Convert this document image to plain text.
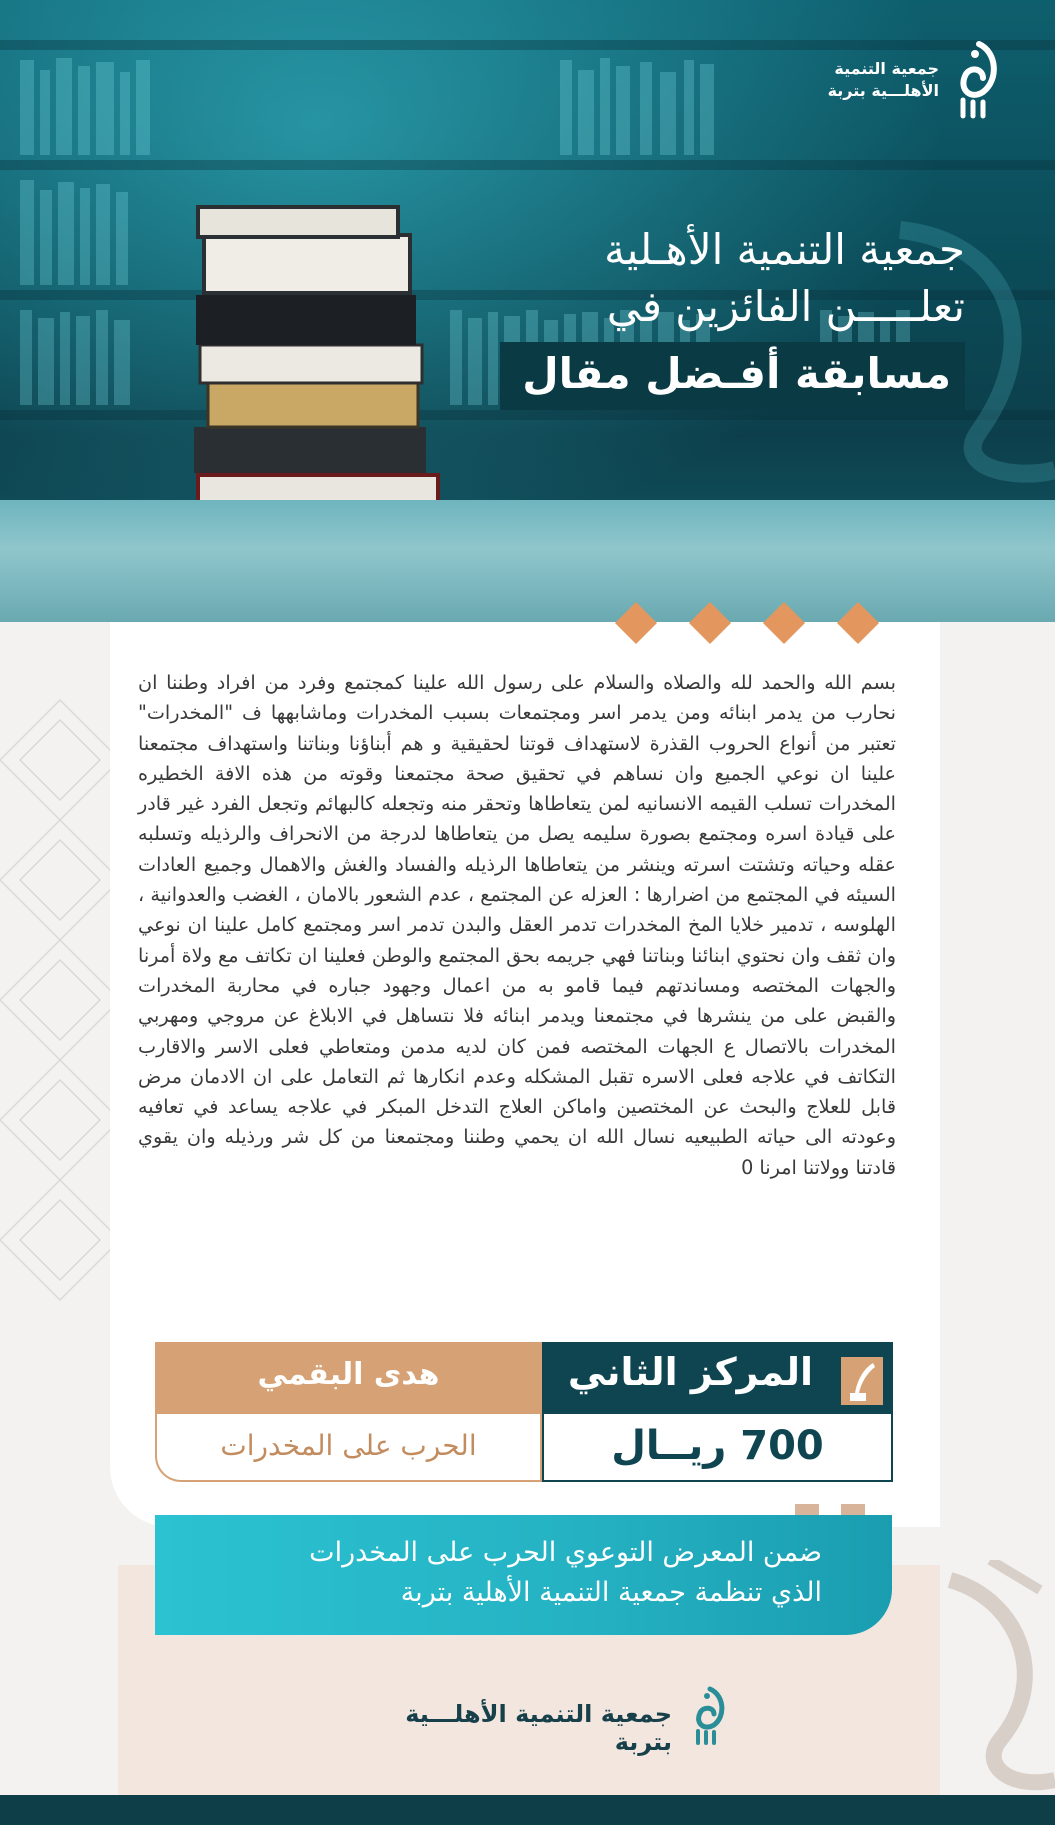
جمعية التنمية
الأهلـــية بتربة
جمعية التنمية الأهـلية
تعلـــــن الفائزين في
مسابقة أفـضل مقال
بسم الله والحمد لله والصلاه والسلام على رسول الله علينا كمجتمع وفرد من افراد وطننا ان نحارب من يدمر ابنائه ومن يدمر اسر ومجتمعات بسبب المخدرات وماشابهها ف "المخدرات" تعتبر من أنواع الحروب القذرة لاستهداف قوتنا لحقيقية و هم أبناؤنا وبناتنا واستهداف مجتمعنا علينا ان نوعي الجميع وان نساهم في تحقيق صحة مجتمعنا وقوته من هذه الافة الخطيره المخدرات تسلب القيمه الانسانيه لمن يتعاطاها وتحقر منه وتجعله كالبهائم وتجعل الفرد غير قادر على قيادة اسره ومجتمع بصورة سليمه يصل من يتعاطاها لدرجة من الانحراف والرذيله وتسلبه عقله وحياته وتشتت اسرته وينشر من يتعاطاها الرذيله والفساد والغش والاهمال وجميع العادات السيئه في المجتمع من اضرارها : العزله عن المجتمع ، عدم الشعور بالامان ، الغضب والعدوانية ، الهلوسه ، تدمير خلايا المخ المخدرات تدمر العقل والبدن تدمر اسر ومجتمع كامل علينا ان نوعي وان ثقف وان نحتوي ابنائنا وبناتنا فهي جريمه بحق المجتمع والوطن فعلينا ان تكاتف مع ولاة أمرنا والجهات المختصه ومساندتهم فيما قامو به من اعمال وجهود جباره في محاربة المخدرات والقبض على من ينشرها في مجتمعنا ويدمر ابنائه فلا نتساهل في الابلاغ عن مروجي ومهربي المخدرات بالاتصال ع الجهات المختصه فمن كان لديه مدمن ومتعاطي فعلى الاسر والاقارب التكاتف في علاجه فعلى الاسره تقبل المشكله وعدم انكارها ثم التعامل على ان الادمان مرض قابل للعلاج والبحث عن المختصين واماكن العلاج التدخل المبكر في علاجه يساعد في تعافيه وعودته الى حياته الطبيعيه نسال الله ان يحمي وطننا ومجتمعنا من كل شر ورذيله وان يقوي قادتنا وولاتنا امرنا 0
المركز الثاني
700 ريــال
هدى البقمي
الحرب على المخدرات
ضمن المعرض التوعوي الحرب على المخدرات
الذي تنظمة جمعية التنمية الأهلية بتربة
جمعية التنمية الأهلـــية بتربة
